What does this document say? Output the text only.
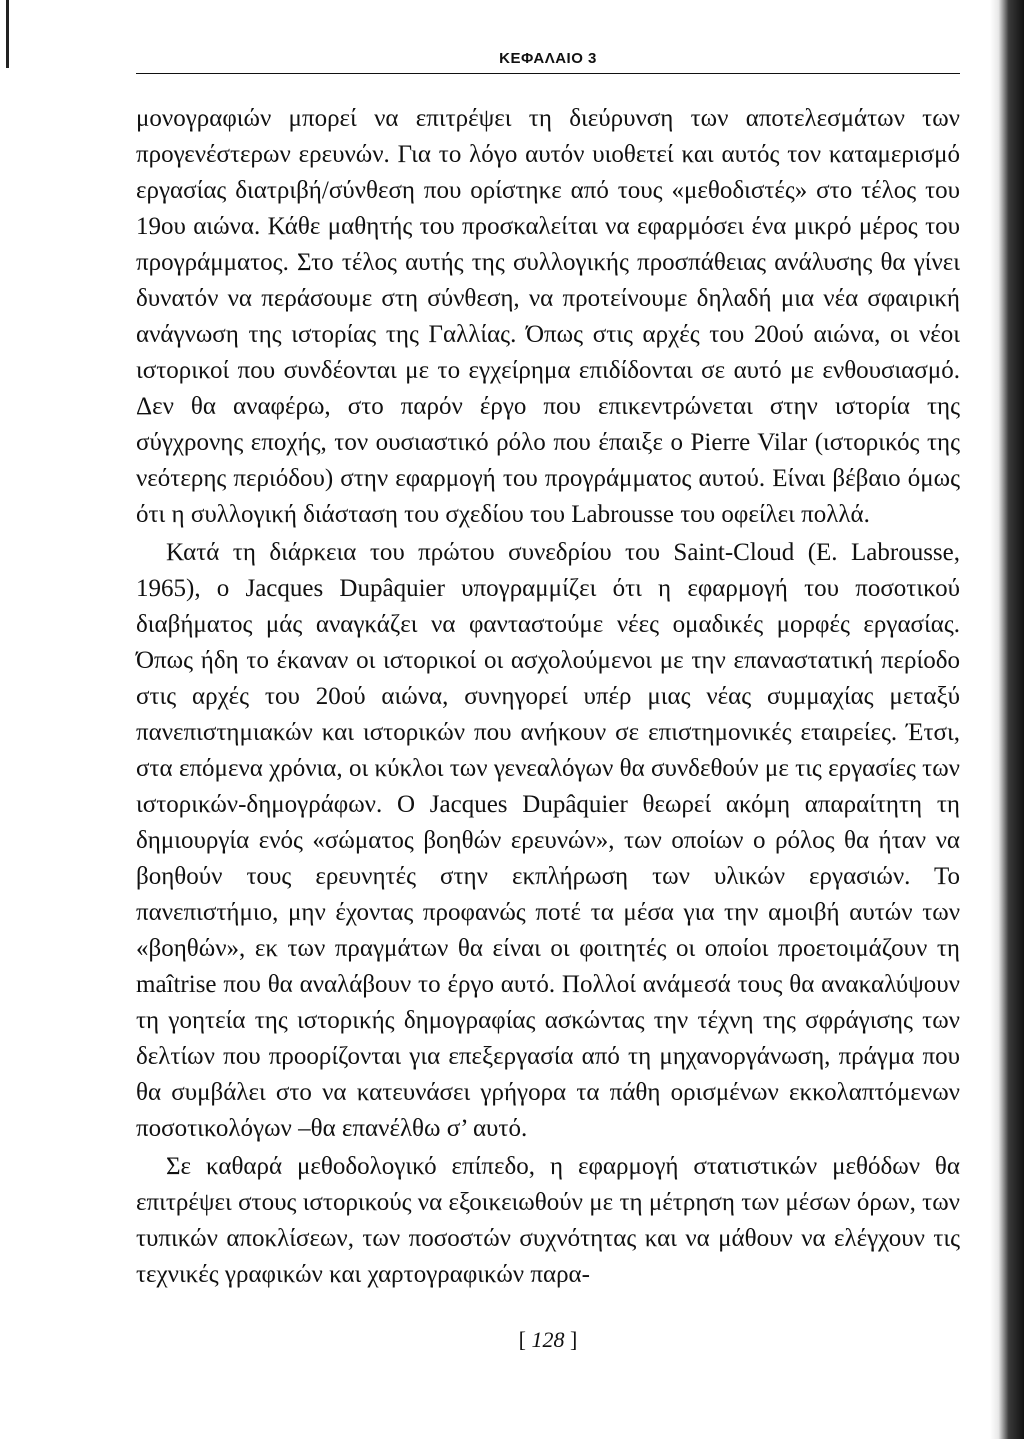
ΚΕΦΑΛΑΙΟ 3

μονογραφιών μπορεί να επιτρέψει τη διεύρυνση των αποτελεσμάτων των προγενέστερων ερευνών. Για το λόγο αυτόν υιοθετεί και αυτός τον καταμερισμό εργασίας διατριβή/σύνθεση που ορίστηκε από τους «μεθοδιστές» στο τέλος του 19ου αιώνα. Κάθε μαθητής του προσκαλείται να εφαρμόσει ένα μικρό μέρος του προγράμματος. Στο τέλος αυτής της συλλογικής προσπάθειας ανάλυσης θα γίνει δυνατόν να περάσουμε στη σύνθεση, να προτείνουμε δηλαδή μια νέα σφαιρική ανάγνωση της ιστορίας της Γαλλίας. Όπως στις αρχές του 20ού αιώνα, οι νέοι ιστορικοί που συνδέονται με το εγχείρημα επιδίδονται σε αυτό με ενθουσιασμό. Δεν θα αναφέρω, στο παρόν έργο που επικεντρώνεται στην ιστορία της σύγχρονης εποχής, τον ουσιαστικό ρόλο που έπαιξε ο Pierre Vilar (ιστορικός της νεότερης περιόδου) στην εφαρμογή του προγράμματος αυτού. Είναι βέβαιο όμως ότι η συλλογική διάσταση του σχεδίου του Labrousse του οφείλει πολλά.

Κατά τη διάρκεια του πρώτου συνεδρίου του Saint-Cloud (E. Labrousse, 1965), ο Jacques Dupâquier υπογραμμίζει ότι η εφαρμογή του ποσοτικού διαβήματος μάς αναγκάζει να φανταστούμε νέες ομαδικές μορφές εργασίας. Όπως ήδη το έκαναν οι ιστορικοί οι ασχολούμενοι με την επαναστατική περίοδο στις αρχές του 20ού αιώνα, συνηγορεί υπέρ μιας νέας συμμαχίας μεταξύ πανεπιστημιακών και ιστορικών που ανήκουν σε επιστημονικές εταιρείες. Έτσι, στα επόμενα χρόνια, οι κύκλοι των γενεαλόγων θα συνδεθούν με τις εργασίες των ιστορικών-δημογράφων. Ο Jacques Dupâquier θεωρεί ακόμη απαραίτητη τη δημιουργία ενός «σώματος βοηθών ερευνών», των οποίων ο ρόλος θα ήταν να βοηθούν τους ερευνητές στην εκπλήρωση των υλικών εργασιών. Το πανεπιστήμιο, μην έχοντας προφανώς ποτέ τα μέσα για την αμοιβή αυτών των «βοηθών», εκ των πραγμάτων θα είναι οι φοιτητές οι οποίοι προετοιμάζουν τη maîtrise που θα αναλάβουν το έργο αυτό. Πολλοί ανάμεσά τους θα ανακαλύψουν τη γοητεία της ιστορικής δημογραφίας ασκώντας την τέχνη της σφράγισης των δελτίων που προορίζονται για επεξεργασία από τη μηχανοργάνωση, πράγμα που θα συμβάλει στο να κατευνάσει γρήγορα τα πάθη ορισμένων εκκολαπτόμενων ποσοτικολόγων –θα επανέλθω σ’ αυτό.

Σε καθαρά μεθοδολογικό επίπεδο, η εφαρμογή στατιστικών μεθόδων θα επιτρέψει στους ιστορικούς να εξοικειωθούν με τη μέτρηση των μέσων όρων, των τυπικών αποκλίσεων, των ποσοστών συχνότητας και να μάθουν να ελέγχουν τις τεχνικές γραφικών και χαρτογραφικών παρα-

[ 128 ]
